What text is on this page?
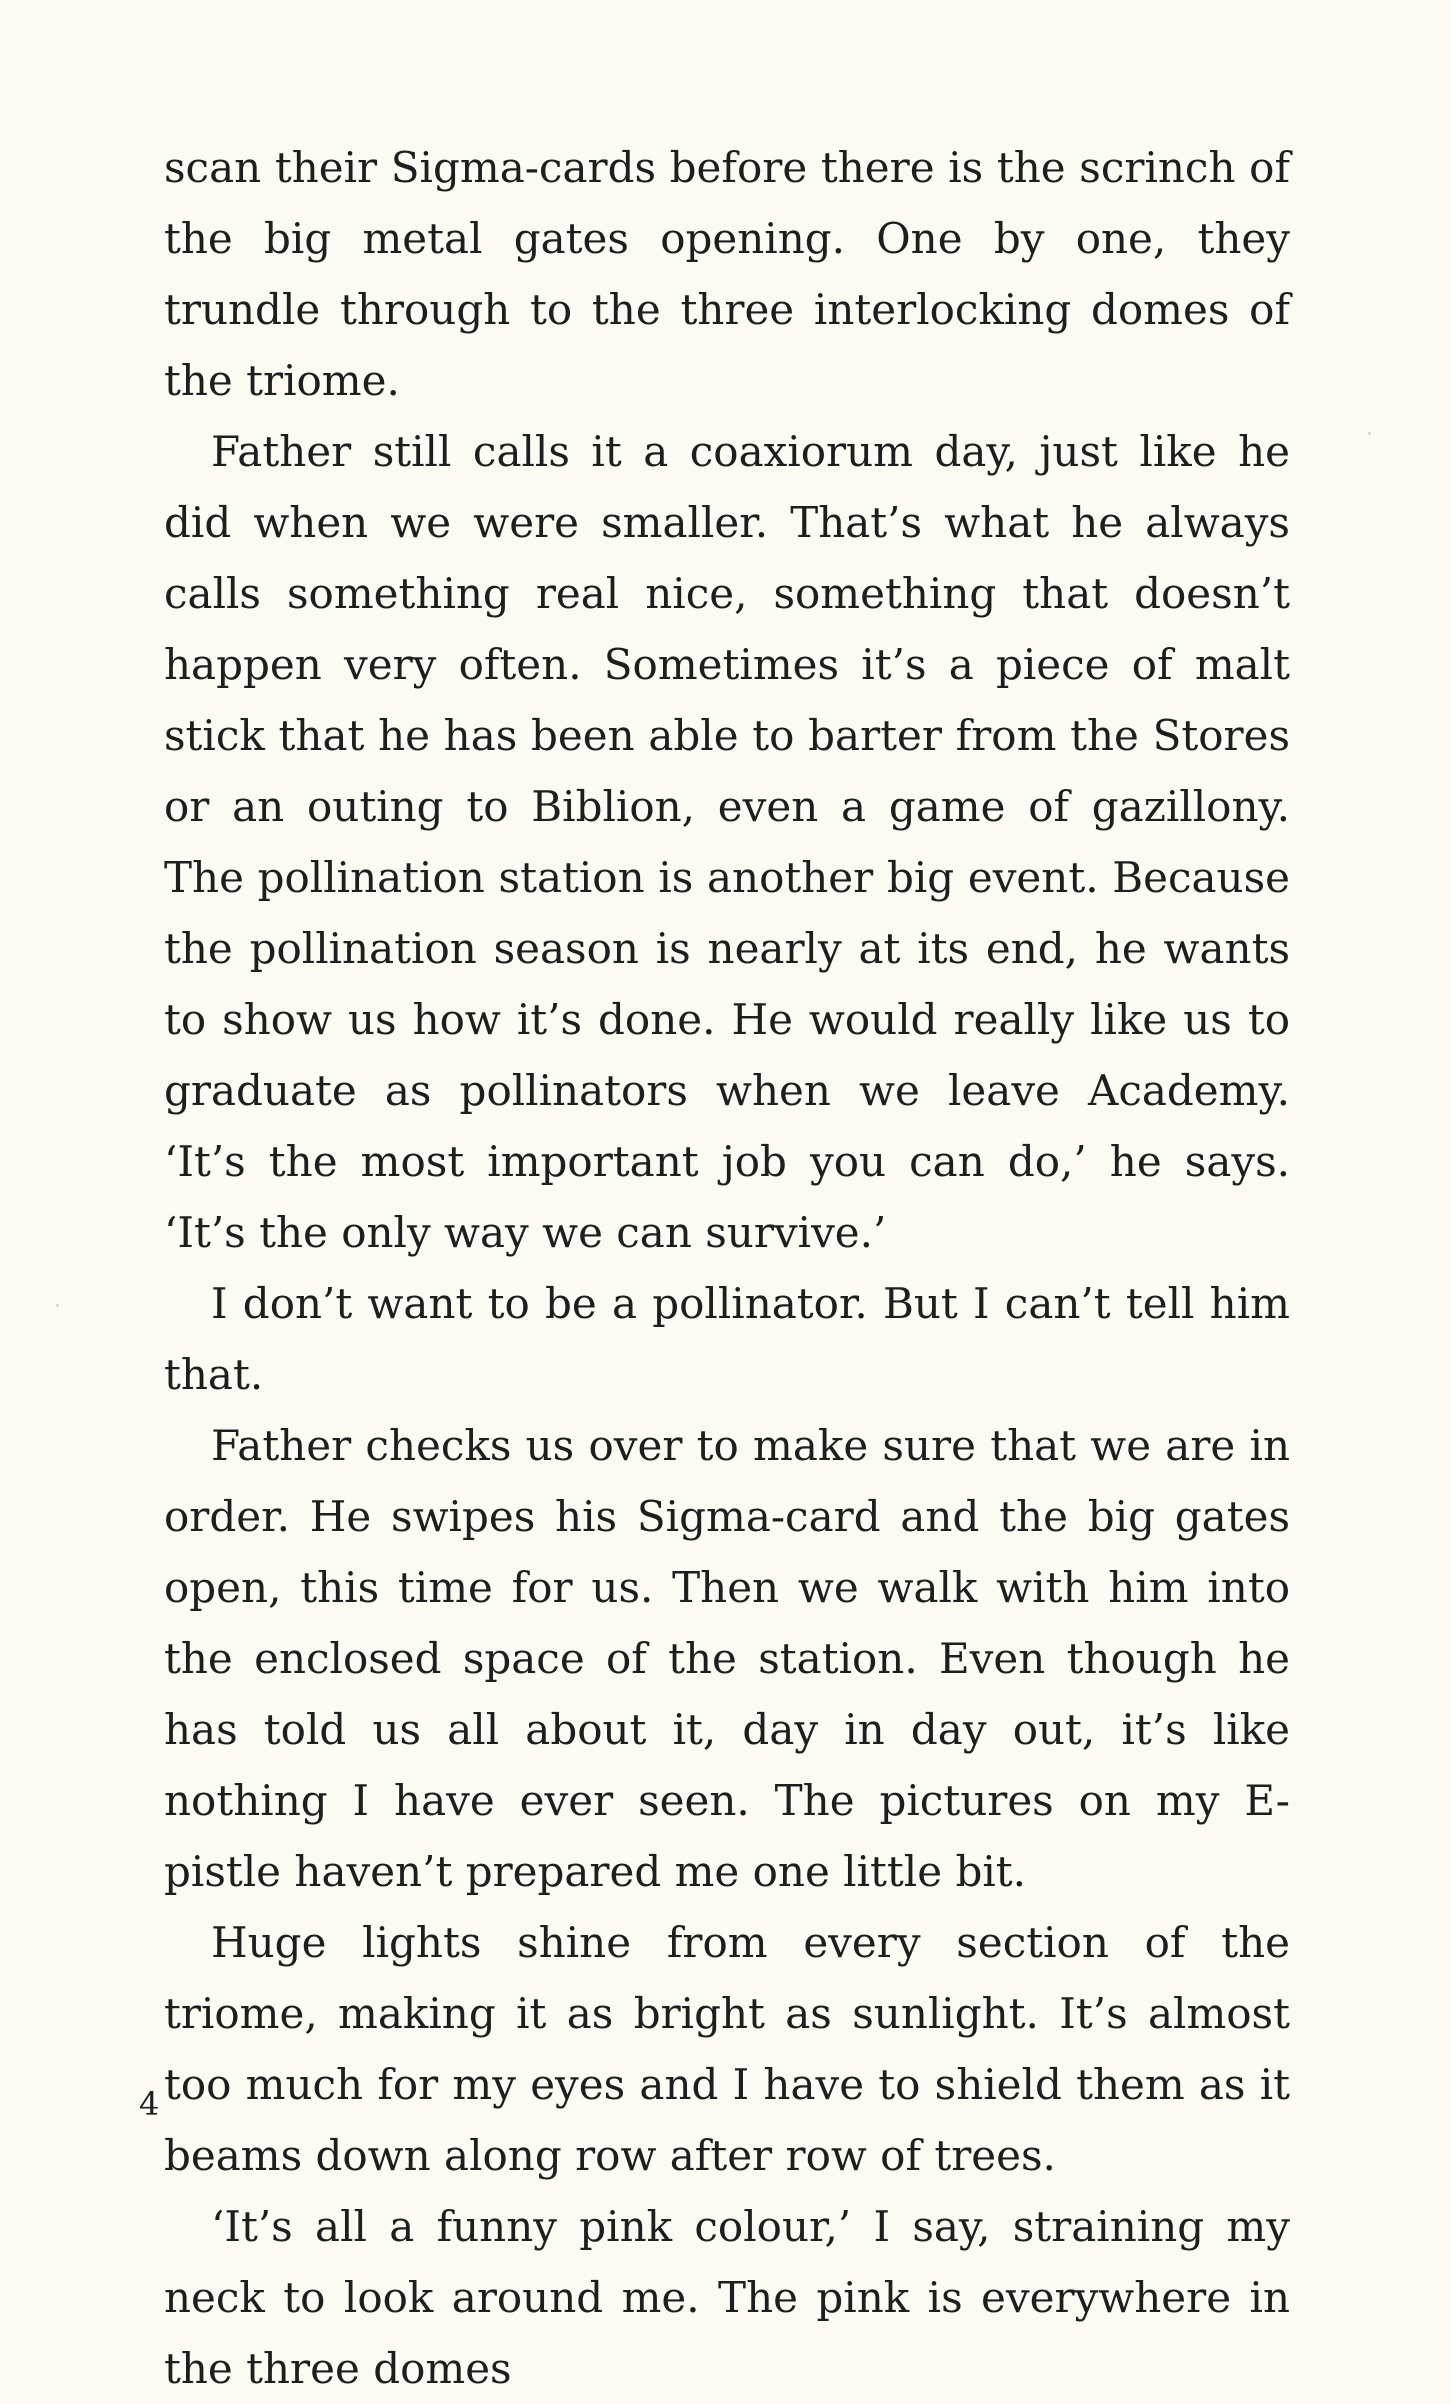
scan their Sigma-cards before there is the scrinch of the big metal gates opening. One by one, they trundle through to the three interlocking domes of the triome.

Father still calls it a coaxiorum day, just like he did when we were smaller. That’s what he always calls something real nice, something that doesn’t happen very often. Sometimes it’s a piece of malt stick that he has been able to barter from the Stores or an outing to Biblion, even a game of gazillony. The pollination station is another big event. Because the pollination season is nearly at its end, he wants to show us how it’s done. He would really like us to graduate as pollinators when we leave Academy. ‘It’s the most important job you can do,’ he says. ‘It’s the only way we can survive.’

I don’t want to be a pollinator. But I can’t tell him that.

Father checks us over to make sure that we are in order. He swipes his Sigma-card and the big gates open, this time for us. Then we walk with him into the enclosed space of the station. Even though he has told us all about it, day in day out, it’s like nothing I have ever seen. The pictures on my E-pistle haven’t prepared me one little bit.

Huge lights shine from every section of the triome, making it as bright as sunlight. It’s almost too much for my eyes and I have to shield them as it beams down along row after row of trees.

‘It’s all a funny pink colour,’ I say, straining my neck to look around me. The pink is everywhere in the three domes

4
